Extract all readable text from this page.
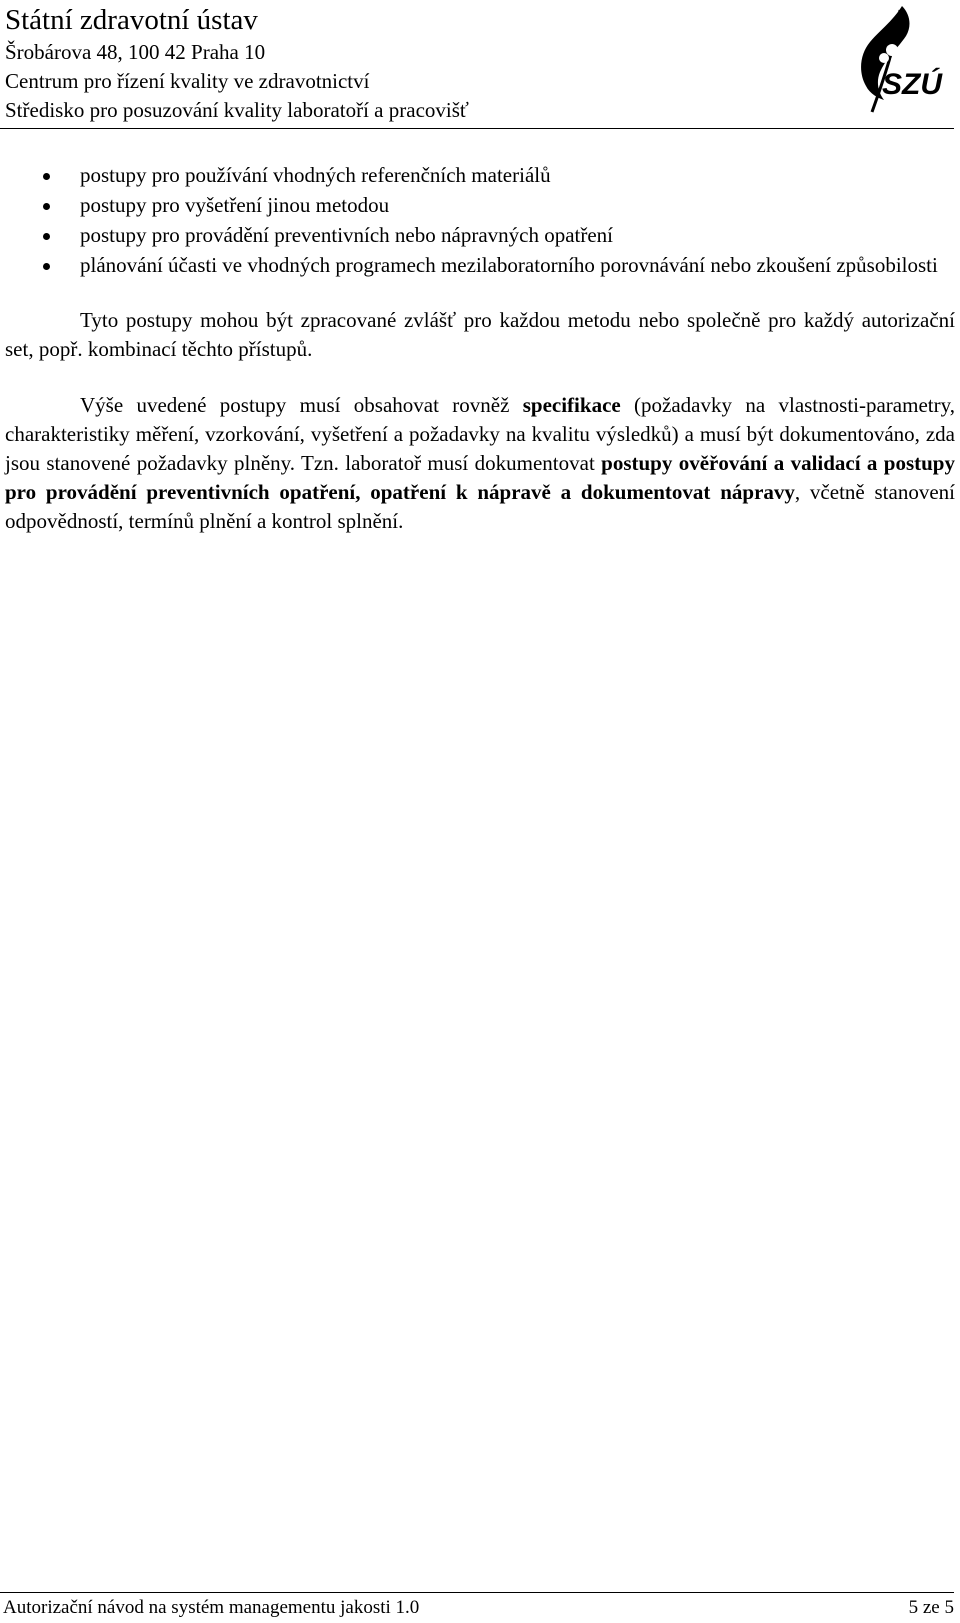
Státní zdravotní ústav
Šrobárova 48, 100 42 Praha 10
Centrum pro řízení kvality ve zdravotnictví
Středisko pro posuzování kvality laboratoří a pracovišť
SZÚ
postupy pro používání vhodných referenčních materiálů
postupy pro vyšetření jinou metodou
postupy pro provádění preventivních nebo nápravných opatření
plánování účasti ve vhodných programech mezilaboratorního porovnávání nebo zkoušení způsobilosti

Tyto postupy mohou být zpracované zvlášť pro každou metodu nebo společně pro každý autorizační set, popř. kombinací těchto přístupů.

Výše uvedené postupy musí obsahovat rovněž specifikace (požadavky na vlastnosti-parametry, charakteristiky měření, vzorkování, vyšetření a požadavky na kvalitu výsledků) a musí být dokumentováno, zda jsou stanovené požadavky plněny. Tzn. laboratoř musí dokumentovat postupy ověřování a validací a postupy pro provádění preventivních opatření, opatření k nápravě a dokumentovat nápravy, včetně stanovení odpovědností, termínů plnění a kontrol splnění.

Autorizační návod na systém managementu jakosti 1.0	5 ze 5
